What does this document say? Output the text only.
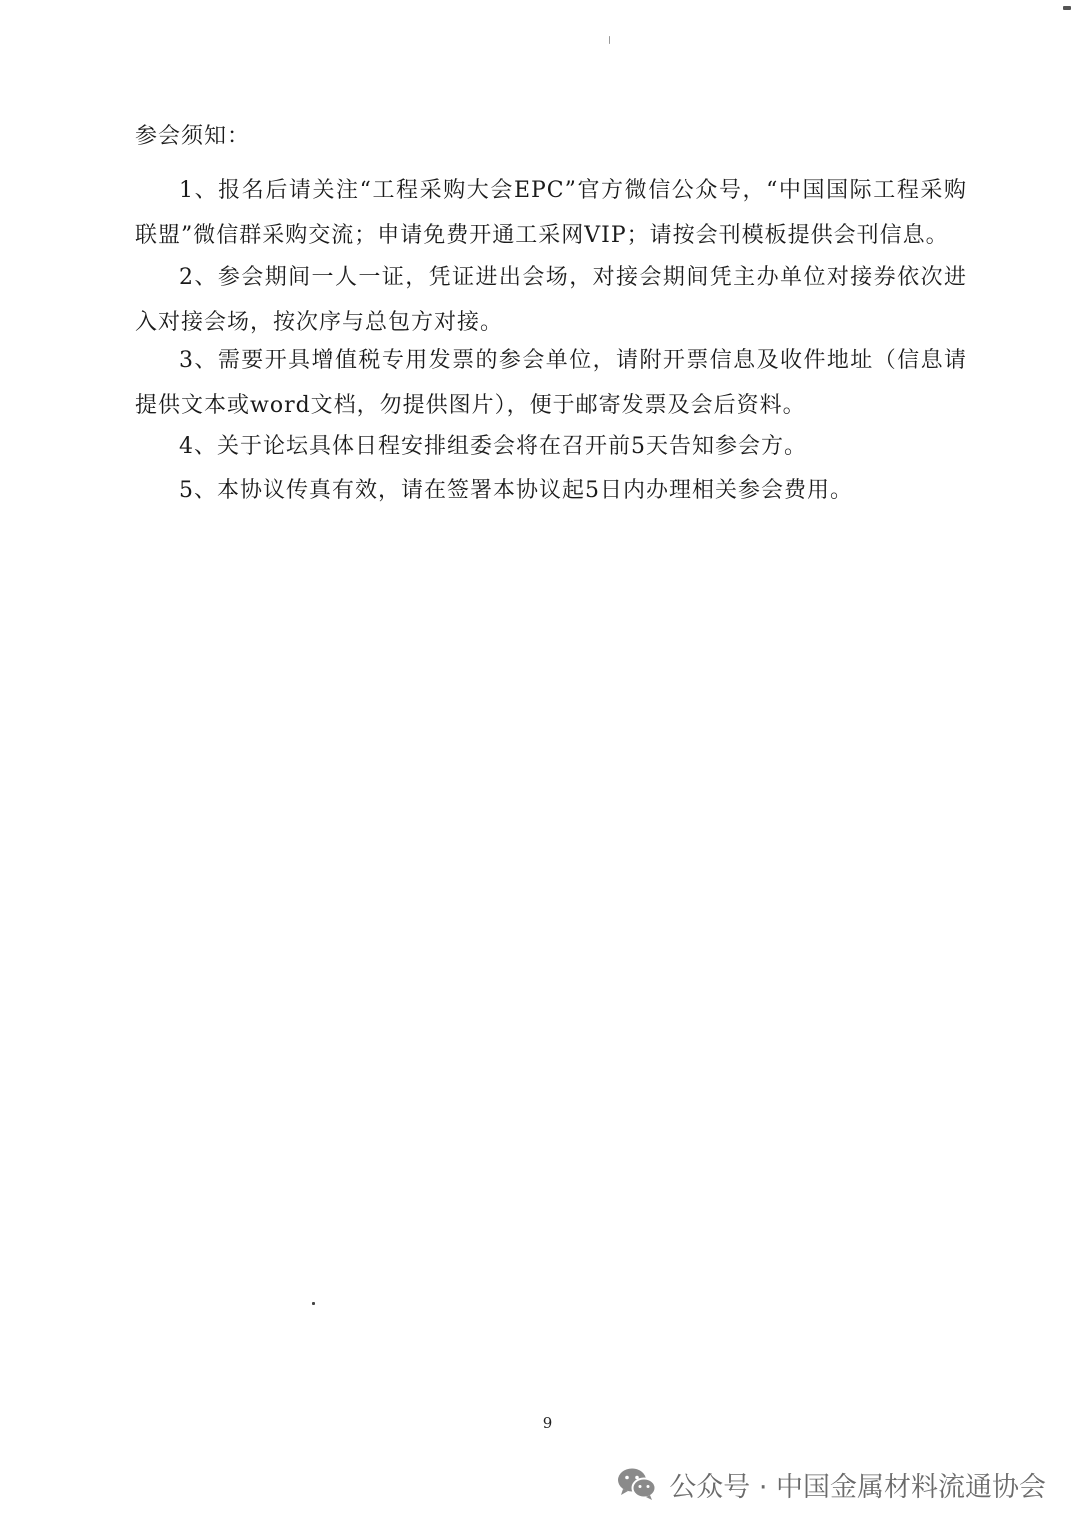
参会须知：

1、报名后请关注“工程采购大会EPC”官方微信公众号，“中国国际工程采购联盟”微信群采购交流；申请免费开通工采网VIP；请按会刊模板提供会刊信息。

2、参会期间一人一证，凭证进出会场，对接会期间凭主办单位对接券依次进入对接会场，按次序与总包方对接。

3、需要开具增值税专用发票的参会单位，请附开票信息及收件地址（信息请提供文本或word文档，勿提供图片），便于邮寄发票及会后资料。

4、关于论坛具体日程安排组委会将在召开前5天告知参会方。

5、本协议传真有效，请在签署本协议起5日内办理相关参会费用。

9
公众号 · 中国金属材料流通协会
